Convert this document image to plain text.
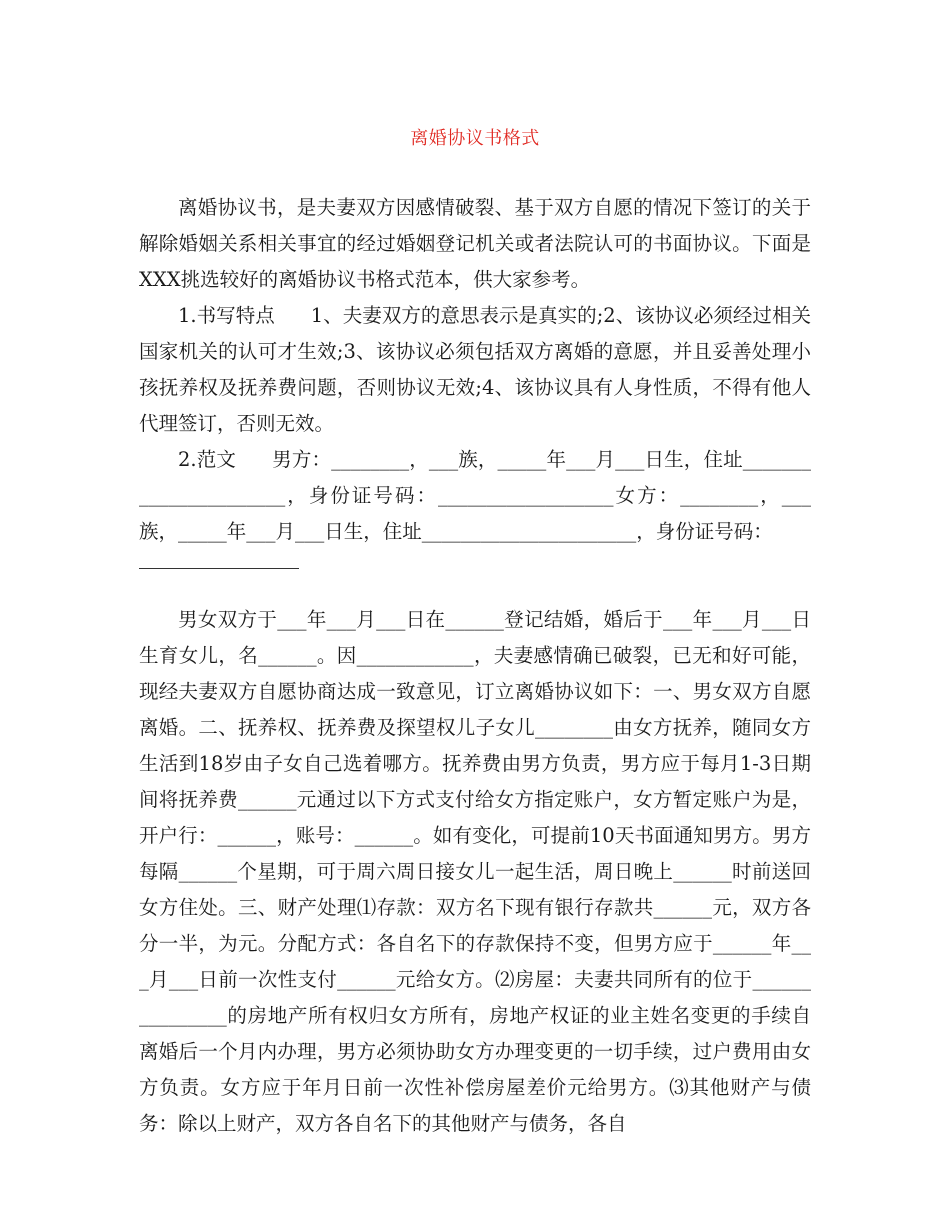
离婚协议书格式

离婚协议书，是夫妻双方因感情破裂、基于双方自愿的情况下签订的关于解除婚姻关系相关事宜的经过婚姻登记机关或者法院认可的书面协议。下面是XXX挑选较好的离婚协议书格式范本，供大家参考。

1.书写特点 1、夫妻双方的意思表示是真实的;2、该协议必须经过相关国家机关的认可才生效;3、该协议必须包括双方离婚的意愿，并且妥善处理小孩抚养权及抚养费问题，否则协议无效;4、该协议具有人身性质，不得有他人代理签订，否则无效。

2.范文 男方：________，___族，_____年___月___日生，住址______________________，身份证号码：__________________女方：________，___族，_____年___月___日生，住址______________________，身份证号码：

男女双方于___年___月___日在______登记结婚，婚后于___年___月___日生育女儿，名______。因____________，夫妻感情确已破裂，已无和好可能，现经夫妻双方自愿协商达成一致意见，订立离婚协议如下：一、男女双方自愿离婚。二、抚养权、抚养费及探望权儿子女儿________由女方抚养，随同女方生活到18岁由子女自己选着哪方。抚养费由男方负责，男方应于每月1-3日期间将抚养费______元通过以下方式支付给女方指定账户，女方暂定账户为是，开户行：______，账号：______。如有变化，可提前10天书面通知男方。男方每隔______个星期，可于周六周日接女儿一起生活，周日晚上______时前送回女方住处。三、财产处理⑴存款：双方名下现有银行存款共______元，双方各分一半，为元。分配方式：各自名下的存款保持不变，但男方应于______年___月___日前一次性支付______元给女方。⑵房屋：夫妻共同所有的位于_______________的房地产所有权归女方所有，房地产权证的业主姓名变更的手续自离婚后一个月内办理，男方必须协助女方办理变更的一切手续，过户费用由女方负责。女方应于年月日前一次性补偿房屋差价元给男方。⑶其他财产与债务：除以上财产，双方各自名下的其他财产与债务，各自
